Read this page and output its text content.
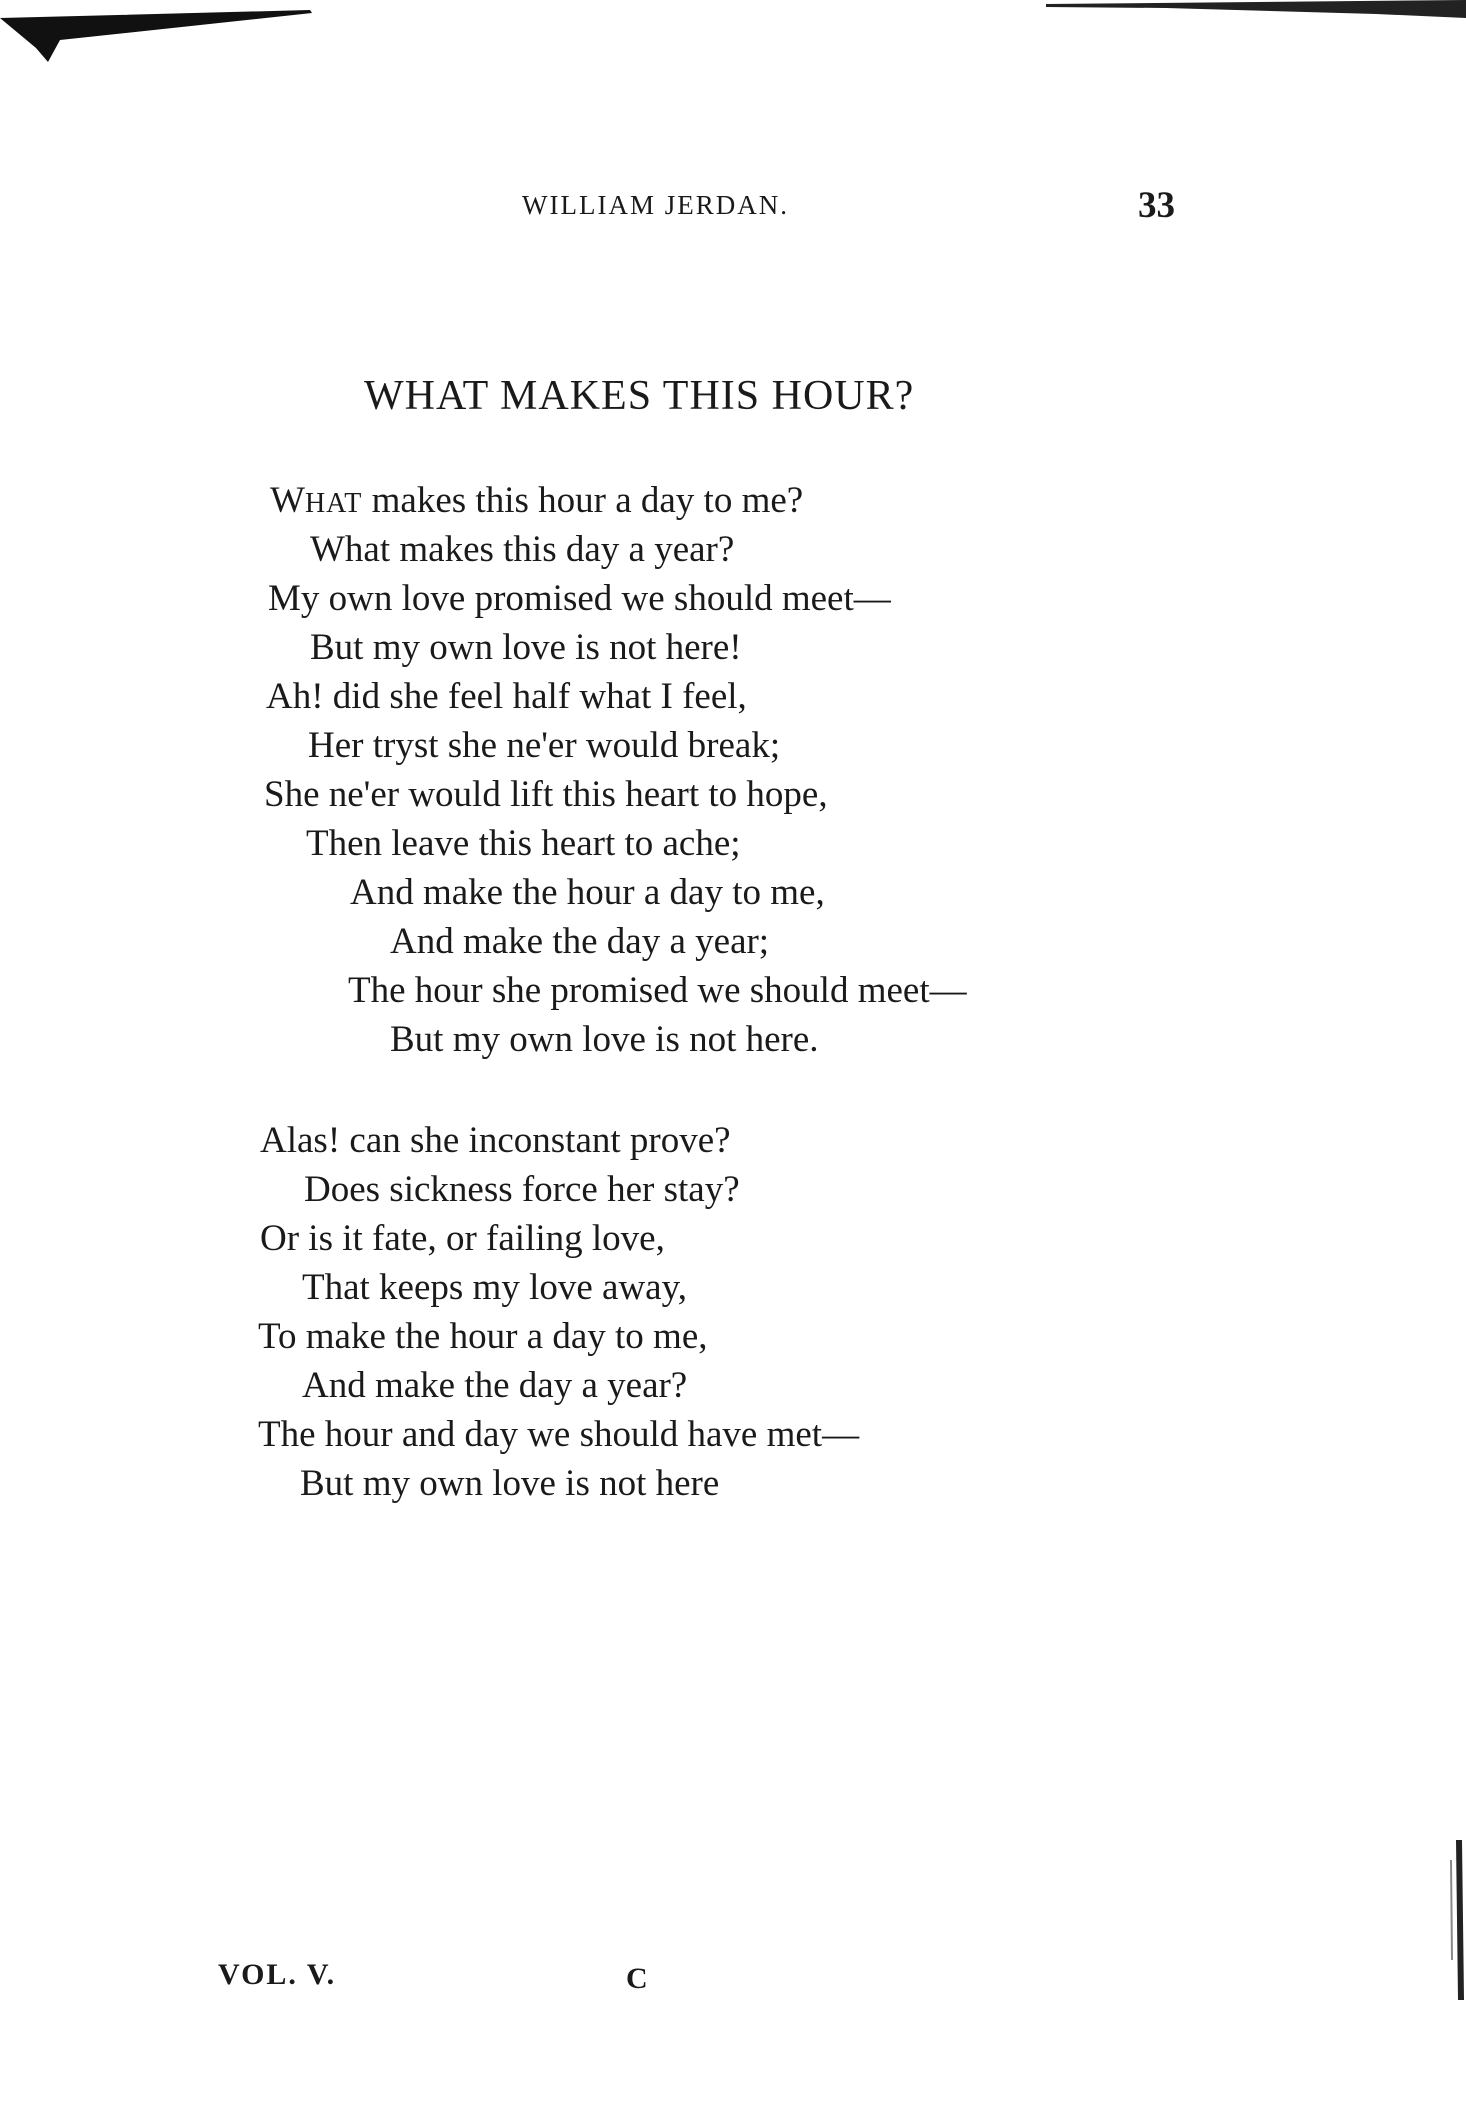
WILLIAM JERDAN.	33
WHAT MAKES THIS HOUR?
WHAT makes this hour a day to me?
What makes this day a year?
My own love promised we should meet—
But my own love is not here!
Ah! did she feel half what I feel,
Her tryst she ne'er would break;
She ne'er would lift this heart to hope,
Then leave this heart to ache;
And make the hour a day to me,
And make the day a year;
The hour she promised we should meet—
But my own love is not here.
Alas! can she inconstant prove?
Does sickness force her stay?
Or is it fate, or failing love,
That keeps my love away,
To make the hour a day to me,
And make the day a year?
The hour and day we should have met—
But my own love is not here
VOL. V.	C
